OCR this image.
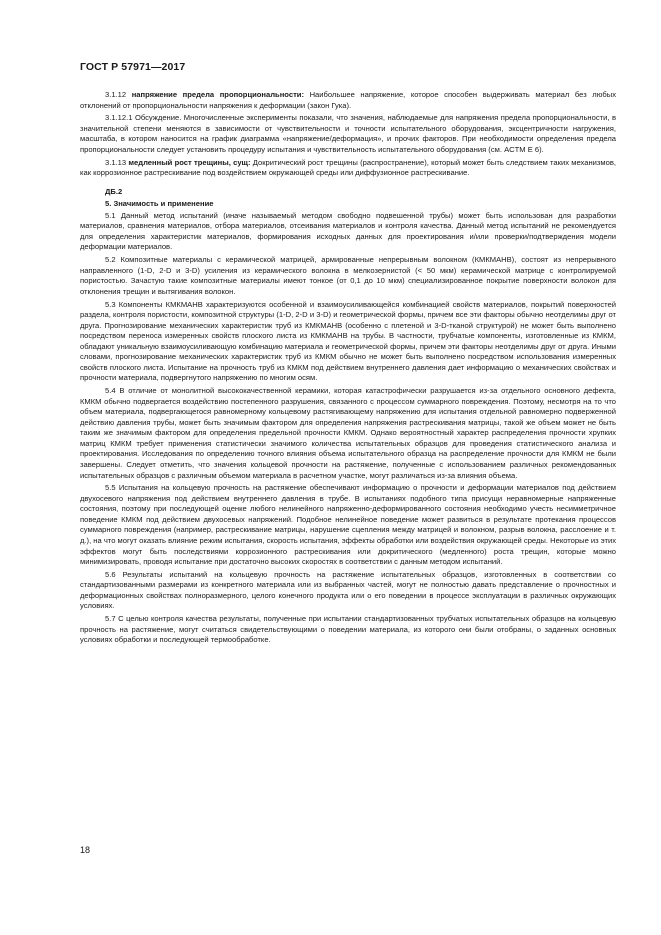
ГОСТ Р 57971—2017

3.1.12 напряжение предела пропорциональности: Наибольшее напряжение, которое способен выдерживать материал без любых отклонений от пропорциональности напряжения к деформации (закон Гука).

3.1.12.1 Обсуждение. Многочисленные эксперименты показали, что значения, наблюдаемые для напряжения предела пропорциональности, в значительной степени меняются в зависимости от чувствительности и точности испытательного оборудования, эксцентричности нагружения, масштаба, в котором наносится на график диаграмма «напряжение/деформация», и прочих факторов. При необходимости определения предела пропорциональности следует установить процедуру испытания и чувствительность испытательного оборудования (см. ACTM E 6).

3.1.13 медленный рост трещины, сущ: Докритический рост трещины (распространение), который может быть следствием таких механизмов, как коррозионное растрескивание под воздействием окружающей среды или диффузионное растрескивание.

ДБ.2
5. Значимость и применение

5.1 Данный метод испытаний (иначе называемый методом свободно подвешенной трубы) может быть использован для разработки материалов, сравнения материалов, отбора материалов, отсеивания материалов и контроля качества. Данный метод испытаний не рекомендуется для определения характеристик материалов, формирования исходных данных для проектирования и/или проверки/подтверждения модели деформации материалов.

5.2 Композитные материалы с керамической матрицей, армированные непрерывным волокном (КМКМАНВ), состоят из непрерывного направленного (1-D, 2-D и 3-D) усиления из керамического волокна в мелкозернистой (< 50 мкм) керамической матрице с контролируемой пористостью. Зачастую такие композитные материалы имеют тонкое (от 0,1 до 10 мкм) специализированное покрытие поверхности волокон для отклонения трещин и вытягивания волокон.

5.3 Компоненты КМКМАНВ характеризуются особенной и взаимоусиливающейся комбинацией свойств материалов, покрытий поверхностей раздела, контроля пористости, композитной структуры (1-D, 2-D и 3-D) и геометрической формы, причем все эти факторы обычно неотделимы друг от друга. Прогнозирование механических характеристик труб из КМКМАНВ (особенно с плетеной и 3-D-тканой структурой) не может быть выполнено посредством переноса измеренных свойств плоского листа из КМКМАНВ на трубы. В частности, трубчатые компоненты, изготовленные из КМКМ, обладают уникальную взаимоусиливающую комбинацию материала и геометрической формы, причем эти факторы неотделимы друг от друга. Иными словами, прогнозирование механических характеристик труб из КМКМ обычно не может быть выполнено посредством использования измеренных свойств плоского листа. Испытание на прочность труб из КМКМ под действием внутреннего давления дает информацию о механических свойствах и прочности материала, подвергнутого напряжению по многим осям.

5.4 В отличие от монолитной высококачественной керамики, которая катастрофически разрушается из-за отдельного основного дефекта, КМКМ обычно подвергается воздействию постепенного разрушения, связанного с процессом суммарного повреждения. Поэтому, несмотря на то что объем материала, подвергающегося равномерному кольцевому растягивающему напряжению для испытания отдельной равномерно подверженной действию давления трубы, может быть значимым фактором для определения напряжения растрескивания матрицы, такой же объем может не быть таким же значимым фактором для определения предельной прочности КМКМ. Однако вероятностный характер распределения прочности хрупких матриц КМКМ требует применения статистически значимого количества испытательных образцов для проведения статистического анализа и проектирования. Исследования по определению точного влияния объема испытательного образца на распределение прочности для КМКМ не были завершены. Следует отметить, что значения кольцевой прочности на растяжение, полученные с использованием различных рекомендованных испытательных образцов с различным объемом материала в расчетном участке, могут различаться из-за влияния объема.

5.5 Испытания на кольцевую прочность на растяжение обеспечивают информацию о прочности и деформации материалов под действием двухосевого напряжения под действием внутреннего давления в трубе. В испытаниях подобного типа присущи неравномерные напряженные состояния, поэтому при последующей оценке любого нелинейного напряженно-деформированного состояния необходимо учесть несимметричное поведение КМКМ под действием двухосевых напряжений. Подобное нелинейное поведение может развиться в результате протекания процессов суммарного повреждения (например, растрескивание матрицы, нарушение сцепления между матрицей и волокном, разрыв волокна, расслоение и т. д.), на что могут оказать влияние режим испытания, скорость испытания, эффекты обработки или воздействия окружающей среды. Некоторые из этих эффектов могут быть последствиями коррозионного растрескивания или докритического (медленного) роста трещин, которые можно минимизировать, проводя испытание при достаточно высоких скоростях в соответствии с данным методом испытаний.

5.6 Результаты испытаний на кольцевую прочность на растяжение испытательных образцов, изготовленных в соответствии со стандартизованными размерами из конкретного материала или из выбранных частей, могут не полностью давать представление о прочностных и деформационных свойствах полноразмерного, целого конечного продукта или о его поведении в процессе эксплуатации в различных окружающих условиях.

5.7 С целью контроля качества результаты, полученные при испытании стандартизованных трубчатых испытательных образцов на кольцевую прочность на растяжение, могут считаться свидетельствующими о поведении материала, из которого они были отобраны, о заданных основных условиях обработки и последующей термообработке.

18
